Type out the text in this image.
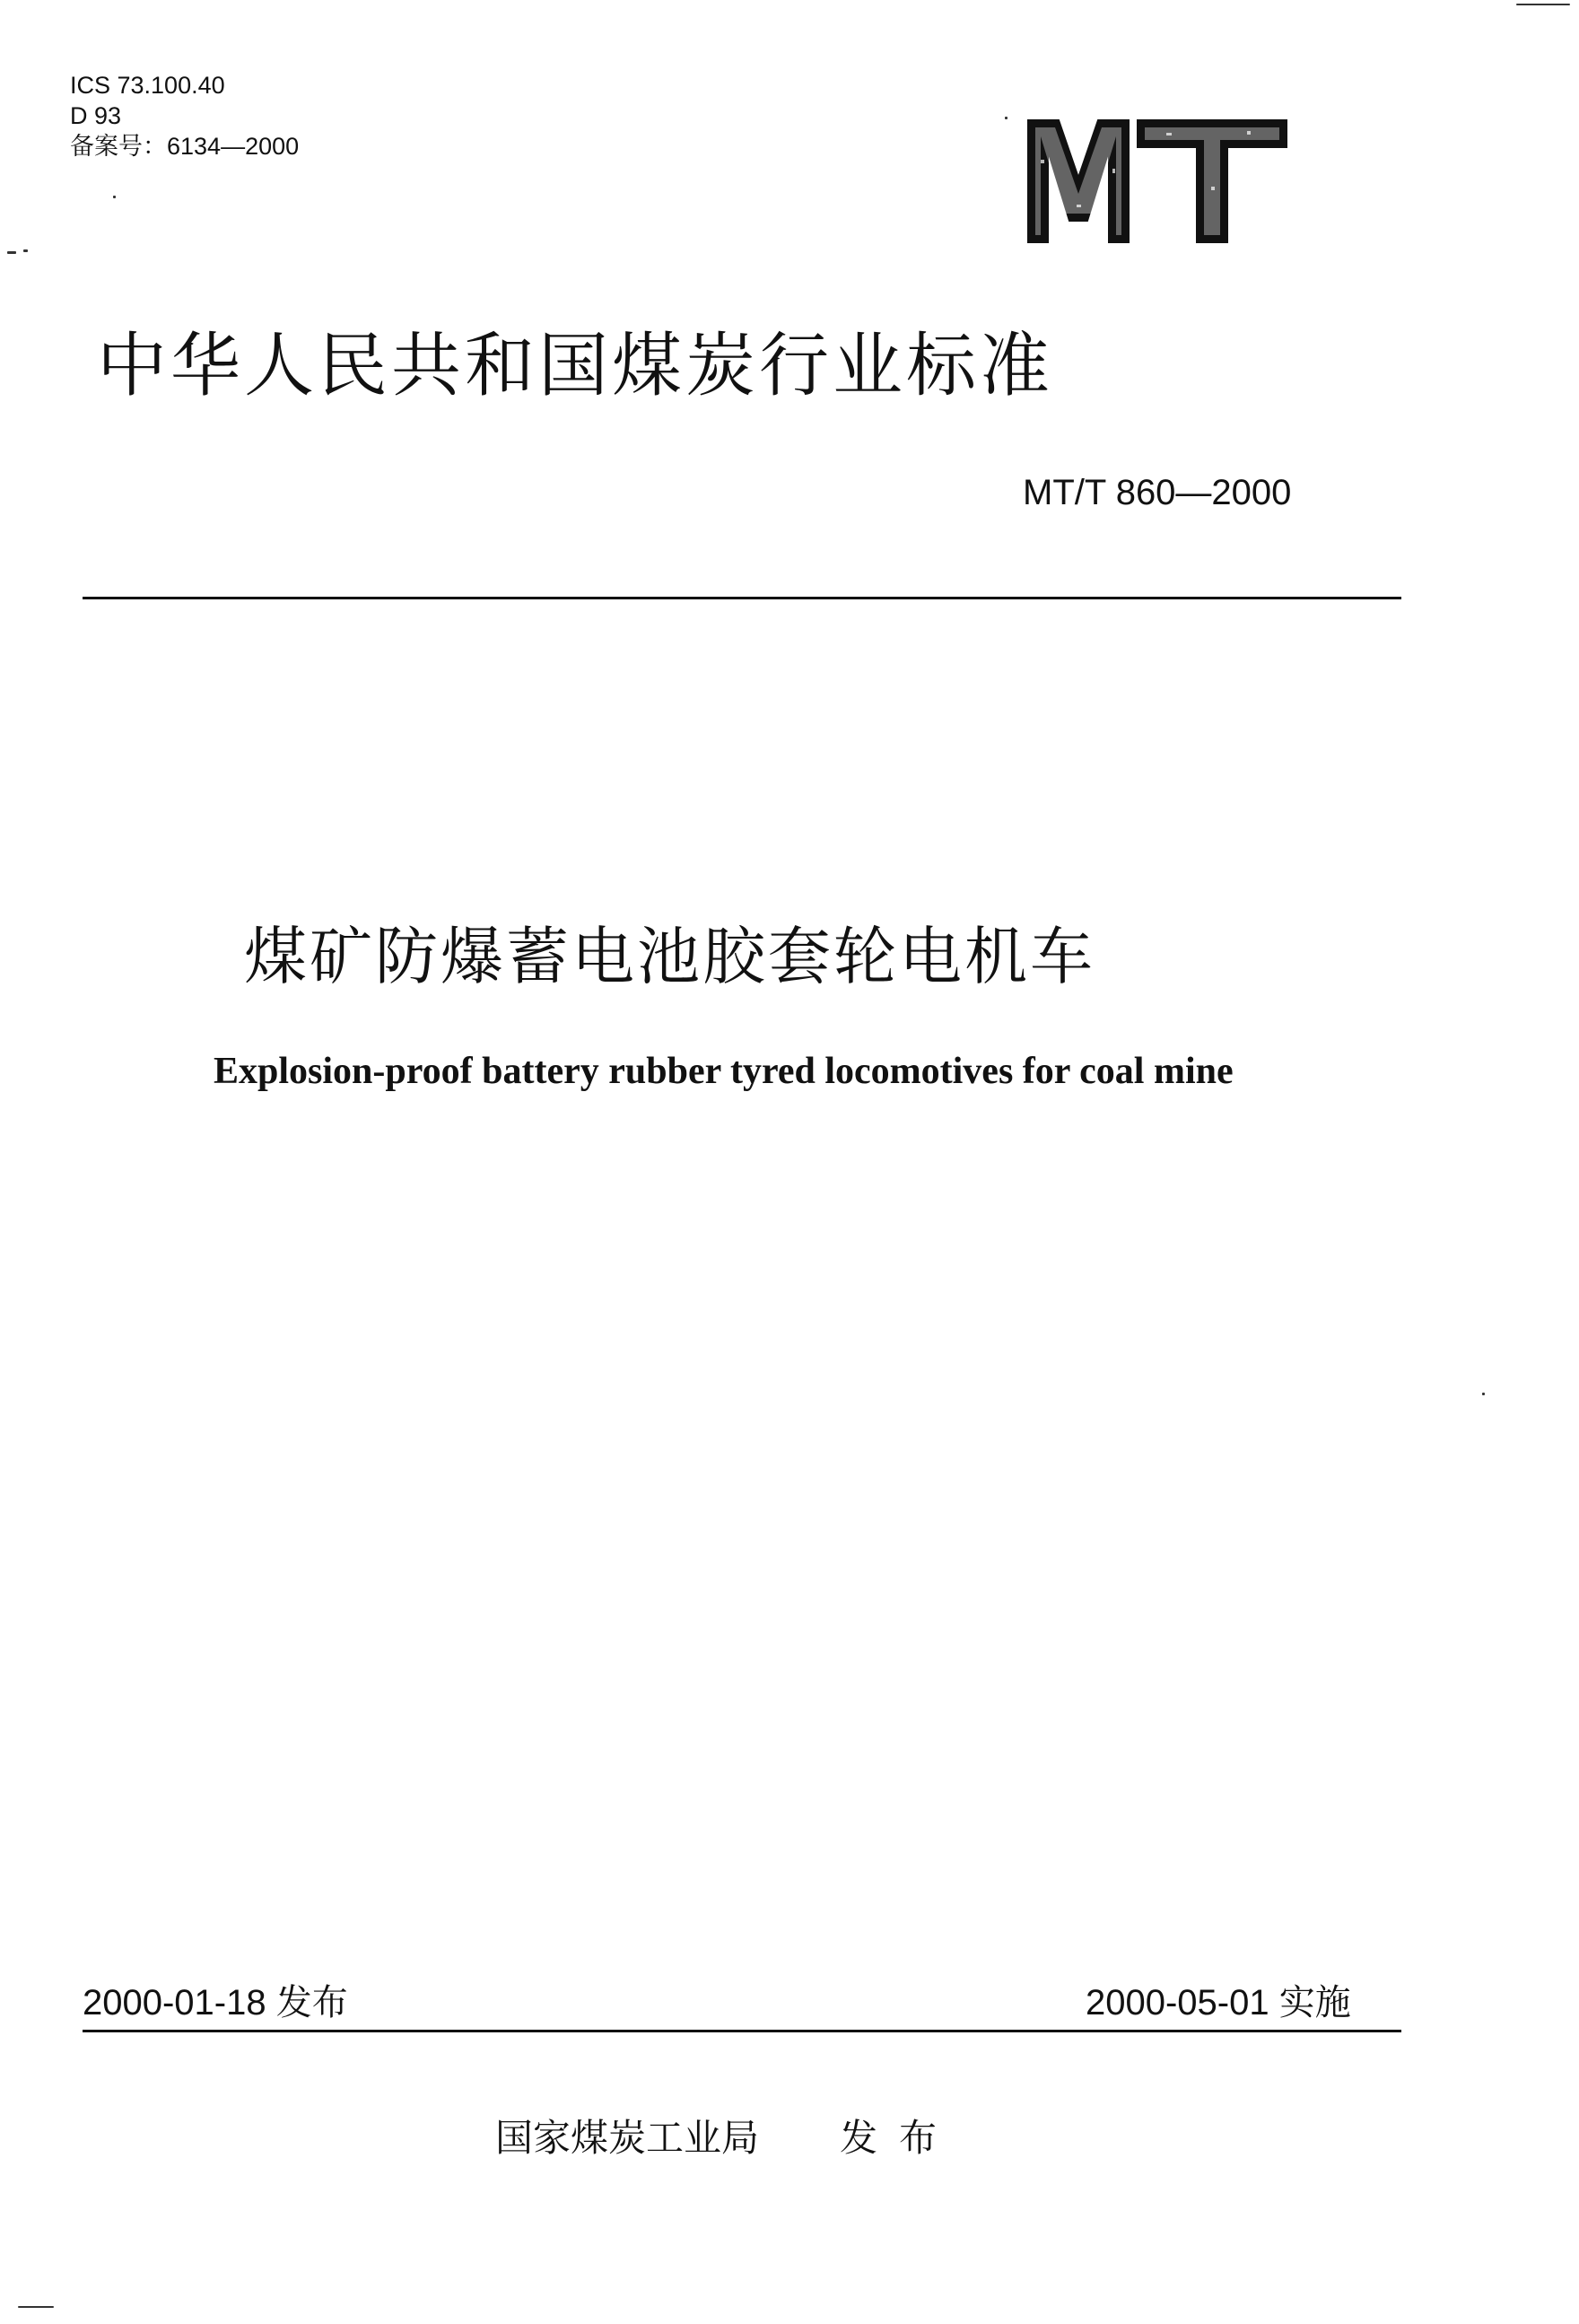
ICS 73.100.40
D 93
备案号：6134—2000
中华人民共和国煤炭行业标准
MT/T 860—2000
煤矿防爆蓄电池胶套轮电机车
Explosion-proof battery rubber tyred locomotives for coal mine
2000-01-18 发布	2000-05-01 实施
国家煤炭工业局 发布
